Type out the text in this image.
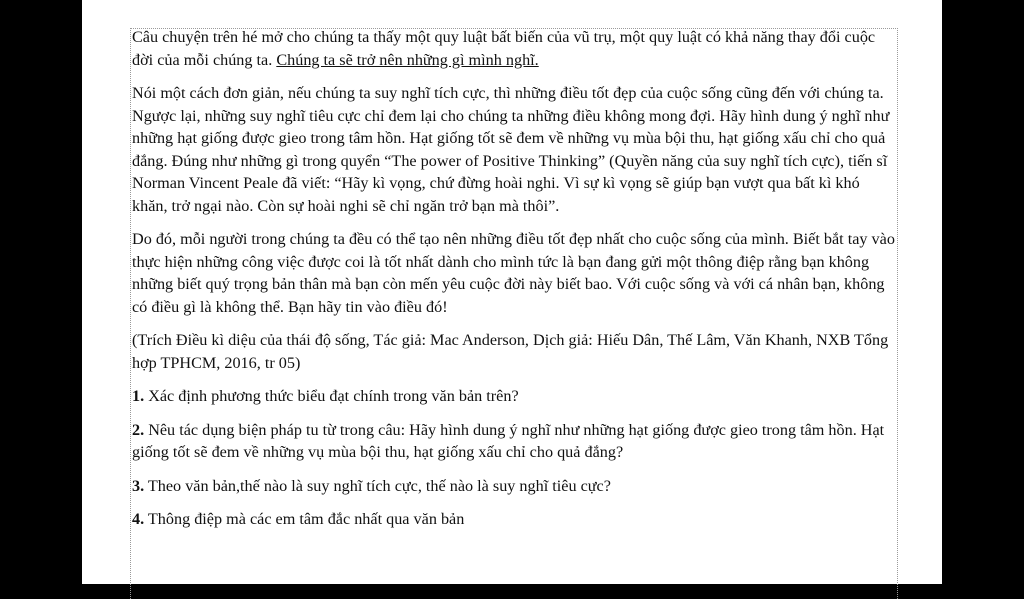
Câu chuyện trên hé mở cho chúng ta thấy một quy luật bất biến của vũ trụ, một quy luật có khả năng thay đổi cuộc đời của mỗi chúng ta. Chúng ta sẽ trở nên những gì mình nghĩ.

Nói một cách đơn giản, nếu chúng ta suy nghĩ tích cực, thì những điều tốt đẹp của cuộc sống cũng đến với chúng ta. Ngược lại, những suy nghĩ tiêu cực chỉ đem lại cho chúng ta những điều không mong đợi. Hãy hình dung ý nghĩ như những hạt giống được gieo trong tâm hồn. Hạt giống tốt sẽ đem về những vụ mùa bội thu, hạt giống xấu chỉ cho quả đắng. Đúng như những gì trong quyển “The power of Positive Thinking” (Quyền năng của suy nghĩ tích cực), tiến sĩ Norman Vincent Peale đã viết: “Hãy kì vọng, chứ đừng hoài nghi. Vì sự kì vọng sẽ giúp bạn vượt qua bất kì khó khăn, trở ngại nào. Còn sự hoài nghi sẽ chỉ ngăn trở bạn mà thôi”.

Do đó, mỗi người trong chúng ta đều có thể tạo nên những điều tốt đẹp nhất cho cuộc sống của mình. Biết bắt tay vào thực hiện những công việc được coi là tốt nhất dành cho mình tức là bạn đang gửi một thông điệp rằng bạn không những biết quý trọng bản thân mà bạn còn mến yêu cuộc đời này biết bao. Với cuộc sống và với cá nhân bạn, không có điều gì là không thể. Bạn hãy tin vào điều đó!

(Trích Điều kì diệu của thái độ sống, Tác giả: Mac Anderson, Dịch giả: Hiếu Dân, Thế Lâm, Văn Khanh, NXB Tổng hợp TPHCM, 2016, tr 05)

1. Xác định phương thức biểu đạt chính trong văn bản trên?

2. Nêu tác dụng biện pháp tu từ trong câu: Hãy hình dung ý nghĩ như những hạt giống được gieo trong tâm hồn. Hạt giống tốt sẽ đem về những vụ mùa bội thu, hạt giống xấu chỉ cho quả đắng?

3. Theo văn bản,thế nào là suy nghĩ tích cực, thế nào là suy nghĩ tiêu cực?

4. Thông điệp mà các em tâm đắc nhất qua văn bản
